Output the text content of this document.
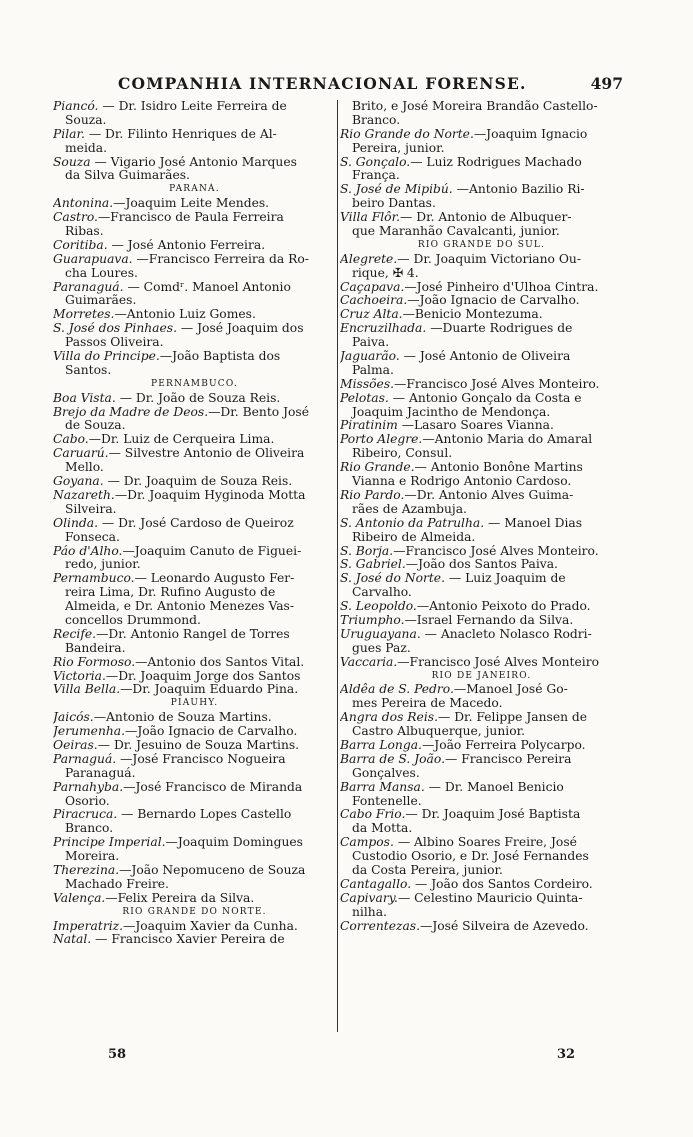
COMPANHIA INTERNACIONAL FORENSE.	497
Piancó. — Dr. Isidro Leite Ferreira de
Souza.
Pilar. — Dr. Filinto Henriques de Al-
meida.
Souza — Vigario José Antonio Marques
da Silva Guimarães.
PARANÁ.
Antonina.—Joaquim Leite Mendes.
Castro.—Francisco de Paula Ferreira
Ribas.
Coritiba. — José Antonio Ferreira.
Guarapuava. —Francisco Ferreira da Ro-
cha Loures.
Paranaguá. — Comdʳ. Manoel Antonio
Guimarães.
Morretes.—Antonio Luiz Gomes.
S. José dos Pinhaes. — José Joaquim dos
Passos Oliveira.
Villa do Principe.—João Baptista dos
Santos.
PERNAMBUCO.
Boa Vista. — Dr. João de Souza Reis.
Brejo da Madre de Deos.—Dr. Bento José
de Souza.
Cabo.—Dr. Luiz de Cerqueira Lima.
Caruarú.— Silvestre Antonio de Oliveira
Mello.
Goyana. — Dr. Joaquim de Souza Reis.
Nazareth.—Dr. Joaquim Hyginoda Motta
Silveira.
Olinda. — Dr. José Cardoso de Queiroz
Fonseca.
Páo d'Alho.—Joaquim Canuto de Figuei-
redo, junior.
Pernambuco.— Leonardo Augusto Fer-
reira Lima, Dr. Rufino Augusto de
Almeida, e Dr. Antonio Menezes Vas-
concellos Drummond.
Recife.—Dr. Antonio Rangel de Torres
Bandeira.
Rio Formoso.—Antonio dos Santos Vital.
Victoria.—Dr. Joaquim Jorge dos Santos
Villa Bella.—Dr. Joaquim Eduardo Pina.
PIAUHY.
Jaicós.—Antonio de Souza Martins.
Jerumenha.—João Ignacio de Carvalho.
Oeiras.— Dr. Jesuino de Souza Martins.
Parnaguá. —José Francisco Nogueira
Paranaguá.
Parnahyba.—José Francisco de Miranda
Osorio.
Piracruca. — Bernardo Lopes Castello
Branco.
Principe Imperial.—Joaquim Domingues
Moreira.
Therezina.—João Nepomuceno de Souza
Machado Freire.
Valença.—Felix Pereira da Silva.
RIO GRANDE DO NORTE.
Imperatriz.—Joaquim Xavier da Cunha.
Natal. — Francisco Xavier Pereira de
Brito, e José Moreira Brandão Castello-
Branco.
Rio Grande do Norte.—Joaquim Ignacio
Pereira, junior.
S. Gonçalo.— Luiz Rodrigues Machado
França.
S. José de Mipibú. —Antonio Bazilio Ri-
beiro Dantas.
Villa Flôr.— Dr. Antonio de Albuquer-
que Maranhão Cavalcanti, junior.
RIO GRANDE DO SUL.
Alegrete.— Dr. Joaquim Victoriano Ou-
rique, ✠ 4.
Caçapava.—José Pinheiro d'Ulhoa Cintra.
Cachoeira.—João Ignacio de Carvalho.
Cruz Alta.—Benicio Montezuma.
Encruzilhada. —Duarte Rodrigues de
Paiva.
Jaguarão. — José Antonio de Oliveira
Palma.
Missões.—Francisco José Alves Monteiro.
Pelotas. — Antonio Gonçalo da Costa e
Joaquim Jacintho de Mendonça.
Piratinim —Lasaro Soares Vianna.
Porto Alegre.—Antonio Maria do Amaral
Ribeiro, Consul.
Rio Grande.— Antonio Bonône Martins
Vianna e Rodrigo Antonio Cardoso.
Rio Pardo.—Dr. Antonio Alves Guima-
rães de Azambuja.
S. Antonio da Patrulha. — Manoel Dias
Ribeiro de Almeida.
S. Borja.—Francisco José Alves Monteiro.
S. Gabriel.—João dos Santos Paiva.
S. José do Norte. — Luiz Joaquim de
Carvalho.
S. Leopoldo.—Antonio Peixoto do Prado.
Triumpho.—Israel Fernando da Silva.
Uruguayana. — Anacleto Nolasco Rodri-
gues Paz.
Vaccaria.—Francisco José Alves Monteiro
RIO DE JANEIRO.
Aldêa de S. Pedro.—Manoel José Go-
mes Pereira de Macedo.
Angra dos Reis.— Dr. Felippe Jansen de
Castro Albuquerque, junior.
Barra Longa.—João Ferreira Polycarpo.
Barra de S. João.— Francisco Pereira
Gonçalves.
Barra Mansa. — Dr. Manoel Benicio
Fontenelle.
Cabo Frio.— Dr. Joaquim José Baptista
da Motta.
Campos. — Albino Soares Freire, José
Custodio Osorio, e Dr. José Fernandes
da Costa Pereira, junior.
Cantagallo. — João dos Santos Cordeiro.
Capivary.— Celestino Mauricio Quinta-
nilha.
Correntezas.—José Silveira de Azevedo.
58	32
